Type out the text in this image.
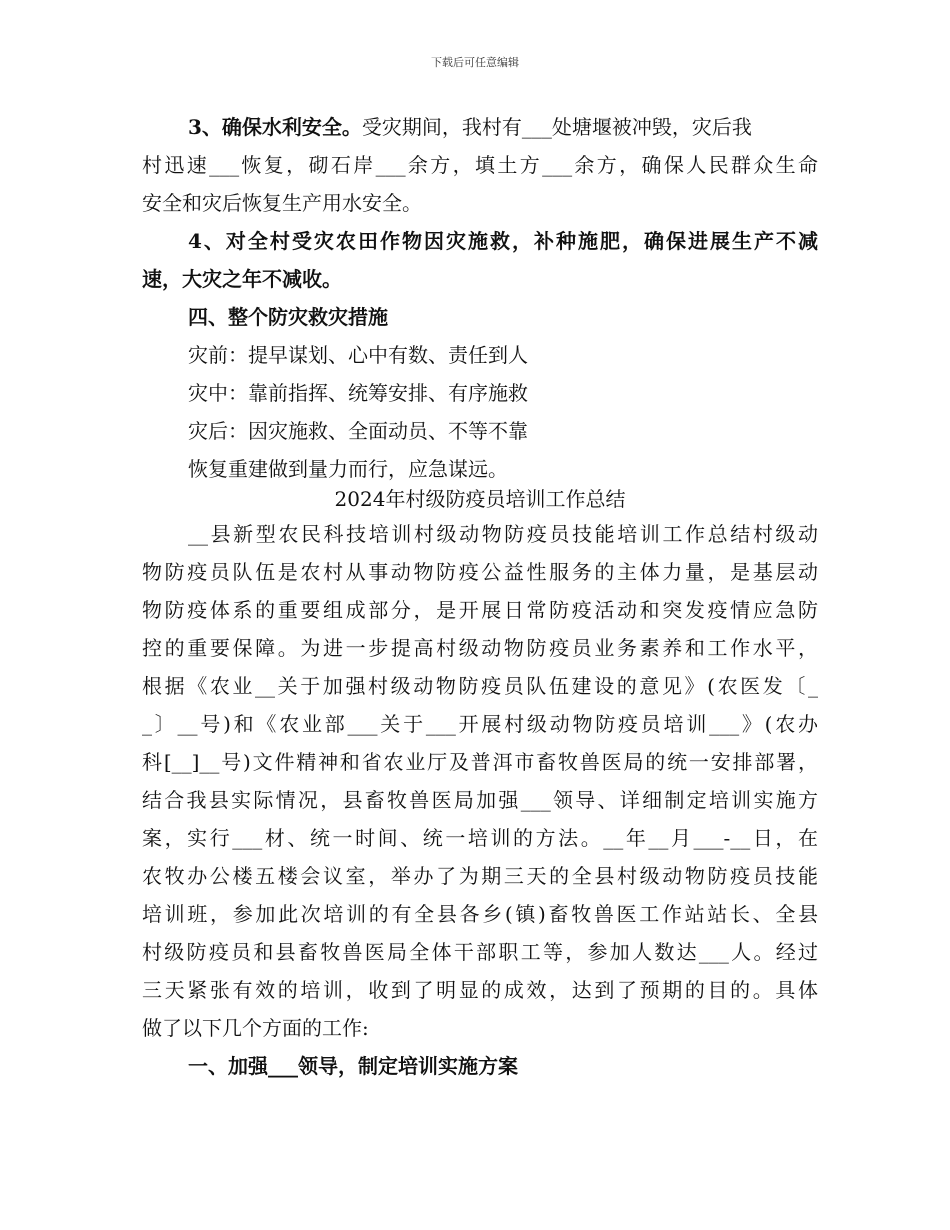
下载后可任意编辑
3、确保水利安全。受灾期间，我村有___处塘堰被冲毁，灾后我
村迅速___恢复，砌石岸___余方，填土方___余方，确保人民群众生命
安全和灾后恢复生产用水安全。
4、对全村受灾农田作物因灾施救，补种施肥，确保进展生产不减
速，大灾之年不减收。
四、整个防灾救灾措施
灾前：提早谋划、心中有数、责任到人
灾中：靠前指挥、统筹安排、有序施救
灾后：因灾施救、全面动员、不等不靠
恢复重建做到量力而行，应急谋远。
2024年村级防疫员培训工作总结
__县新型农民科技培训村级动物防疫员技能培训工作总结村级动
物防疫员队伍是农村从事动物防疫公益性服务的主体力量，是基层动
物防疫体系的重要组成部分，是开展日常防疫活动和突发疫情应急防
控的重要保障。为进一步提高村级动物防疫员业务素养和工作水平，
根据《农业__关于加强村级动物防疫员队伍建设的意见》(农医发〔_
_〕__号)和《农业部___关于___开展村级动物防疫员培训___》(农办
科[__]__号)文件精神和省农业厅及普洱市畜牧兽医局的统一安排部署，
结合我县实际情况，县畜牧兽医局加强___领导、详细制定培训实施方
案，实行___材、统一时间、统一培训的方法。__年__月___-__日，在
农牧办公楼五楼会议室，举办了为期三天的全县村级动物防疫员技能
培训班，参加此次培训的有全县各乡(镇)畜牧兽医工作站站长、全县
村级防疫员和县畜牧兽医局全体干部职工等，参加人数达___人。经过
三天紧张有效的培训，收到了明显的成效，达到了预期的目的。具体
做了以下几个方面的工作:
一、加强___领导，制定培训实施方案
